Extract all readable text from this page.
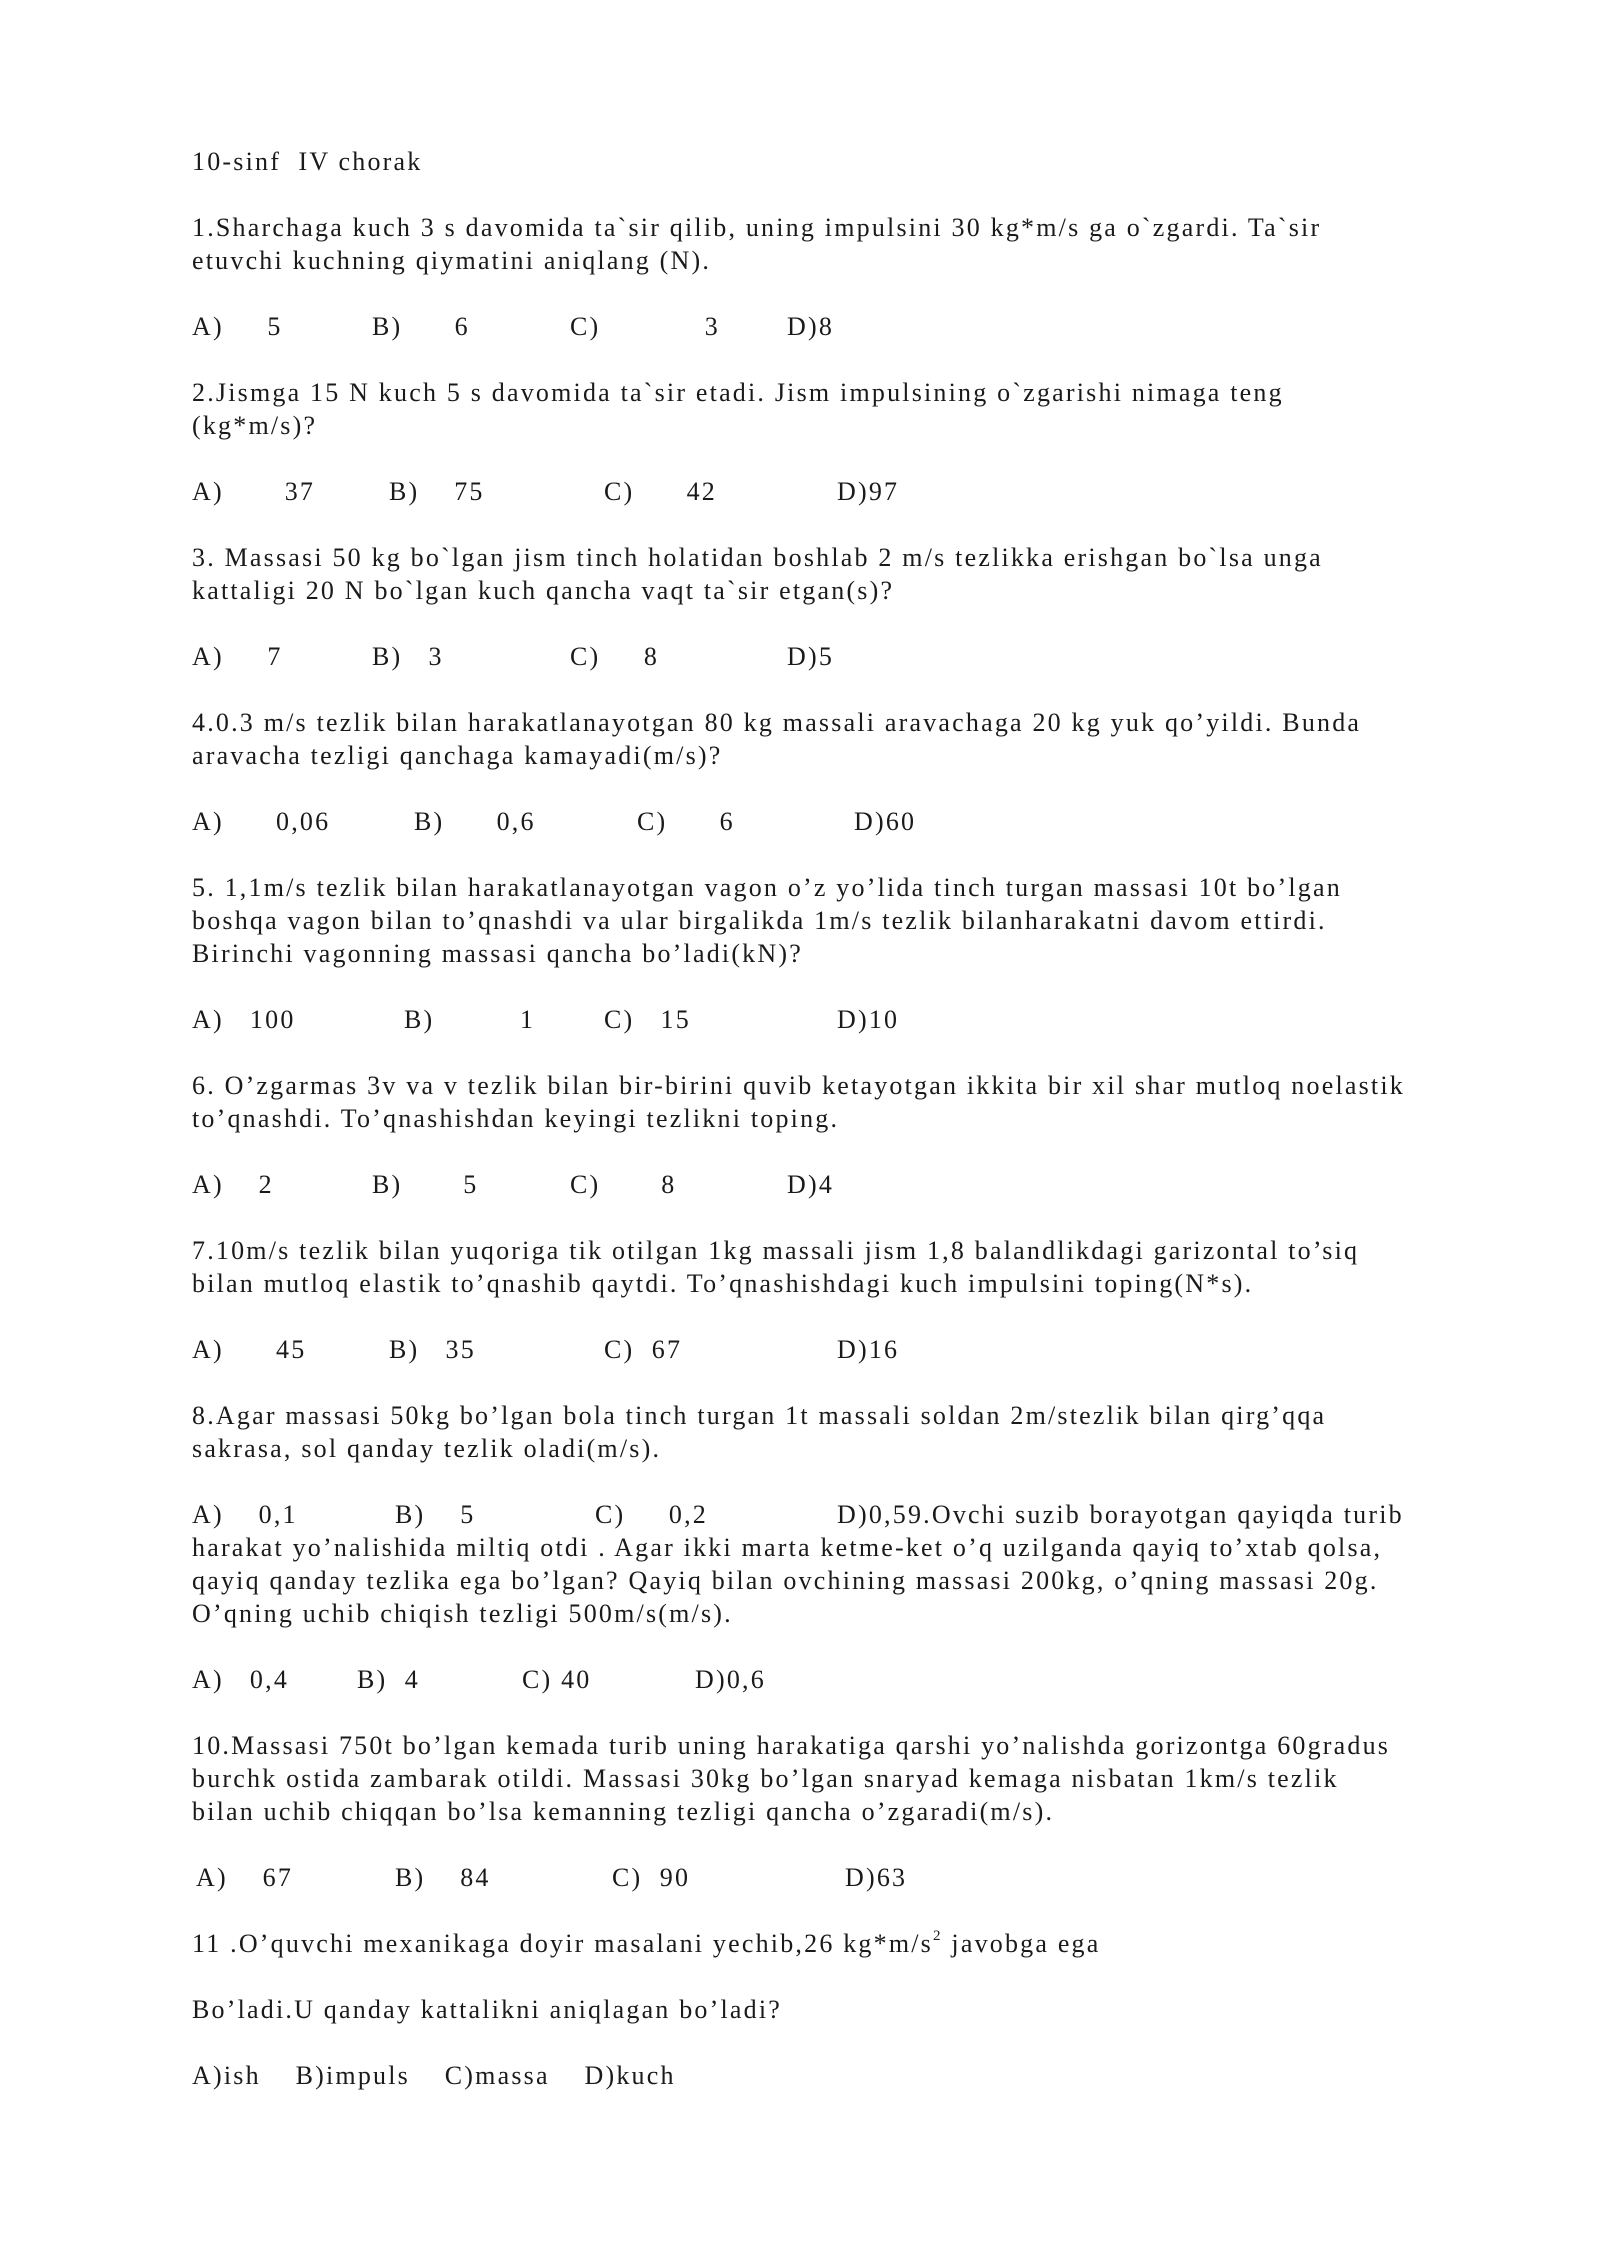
10-sinf  IV chorak
1.Sharchaga kuch 3 s davomida ta`sir qilib, uning impulsini 30 kg*m/s ga o`zgardi. Ta`sir
etuvchi kuchning qiymatini aniqlang (N).
A)     5	B)      6	C)            3	D)8
2.Jismga 15 N kuch 5 s davomida ta`sir etadi. Jism impulsining o`zgarishi nimaga teng
(kg*m/s)?
A)       37	B)    75	C)      42	D)97
3. Massasi 50 kg bo`lgan jism tinch holatidan boshlab 2 m/s tezlikka erishgan bo`lsa unga
kattaligi 20 N bo`lgan kuch qancha vaqt ta`sir etgan(s)?
A)     7	B)   3	C)     8	D)5
4.0.3 m/s tezlik bilan harakatlanayotgan 80 kg massali aravachaga 20 kg yuk qo’yildi. Bunda
aravacha tezligi qanchaga kamayadi(m/s)?
A)      0,06	B)      0,6	C)      6	D)60
5. 1,1m/s tezlik bilan harakatlanayotgan vagon o’z yo’lida tinch turgan massasi 10t bo’lgan
boshqa vagon bilan to’qnashdi va ular birgalikda 1m/s tezlik bilanharakatni davom ettirdi.
Birinchi vagonning massasi qancha bo’ladi(kN)?
A)   100	B)	1	C)   15	D)10
6. O’zgarmas 3v va v tezlik bilan bir-birini quvib ketayotgan ikkita bir xil shar mutloq noelastik
to’qnashdi. To’qnashishdan keyingi tezlikni toping.
A)    2	B)       5	C)       8	D)4
7.10m/s tezlik bilan yuqoriga tik otilgan 1kg massali jism 1,8 balandlikdagi garizontal to’siq
bilan mutloq elastik to’qnashib qaytdi. To’qnashishdagi kuch impulsini toping(N*s).
A)      45	B)   35	C)  67	D)16
8.Agar massasi 50kg bo’lgan bola tinch turgan 1t massali soldan 2m/stezlik bilan qirg’qqa
sakrasa, sol qanday tezlik oladi(m/s).
A)    0,1	B)    5	C)     0,2	D)0,59.Ovchi suzib borayotgan qayiqda turib
harakat yo’nalishida miltiq otdi . Agar ikki marta ketme-ket o’q uzilganda qayiq to’xtab qolsa,
qayiq qanday tezlika ega bo’lgan? Qayiq bilan ovchining massasi 200kg, o’qning massasi 20g.
O’qning uchib chiqish tezligi 500m/s(m/s).
A)   0,4	B)  4	C) 40	D)0,6
10.Massasi 750t bo’lgan kemada turib uning harakatiga qarshi yo’nalishda gorizontga 60gradus
burchk ostida zambarak otildi. Massasi 30kg bo’lgan snaryad kemaga nisbatan 1km/s tezlik
bilan uchib chiqqan bo’lsa kemanning tezligi qancha o’zgaradi(m/s).
A)    67	B)    84	C)  90	D)63
11 .O’quvchi mexanikaga doyir masalani yechib,26 $kg*m/s^2$ javobga ega
Bo’ladi.U qanday kattalikni aniqlagan bo’ladi?
A)ish    B)impuls    C)massa    D)kuch
